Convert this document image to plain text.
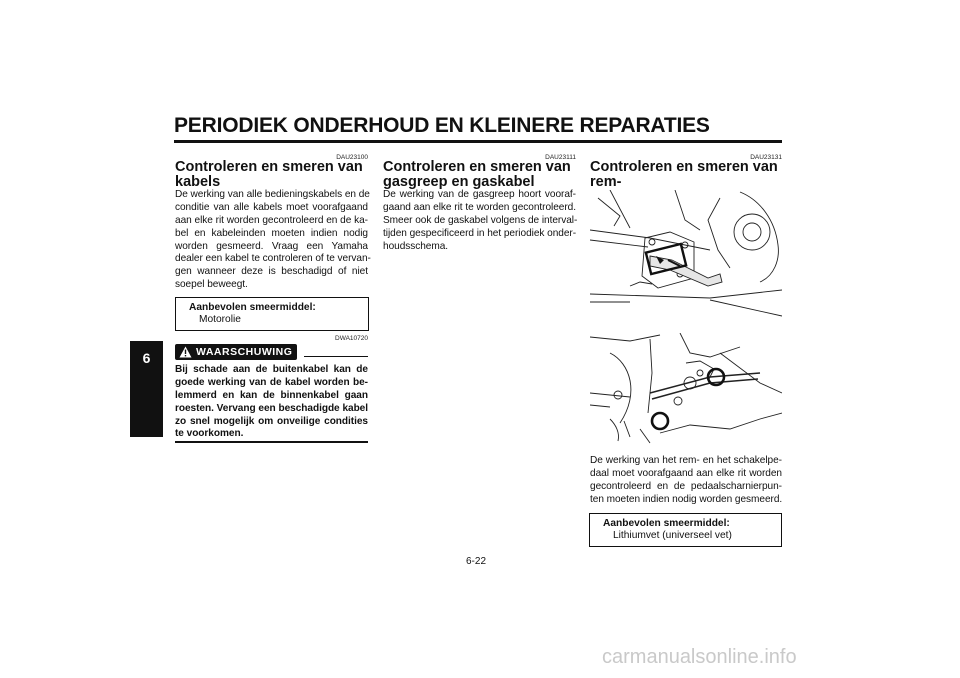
PERIODIEK ONDERHOUD EN KLEINERE REPARATIES
6
DAU23100
Controleren en smeren van
kabels
De werking van alle bedieningskabels en de
conditie van alle kabels moet voorafgaand
aan elke rit worden gecontroleerd en de ka-
bel en kabeleinden moeten indien nodig
worden gesmeerd. Vraag een Yamaha
dealer een kabel te controleren of te vervan-
gen wanneer deze is beschadigd of niet
soepel beweegt.
Aanbevolen smeermiddel:
Motorolie
DWA10720
WAARSCHUWING
Bij schade aan de buitenkabel kan de
goede werking van de kabel worden be-
lemmerd en kan de binnenkabel gaan
roesten. Vervang een beschadigde kabel
zo snel mogelijk om onveilige condities
te voorkomen.
DAU23111
Controleren en smeren van
gasgreep en gaskabel
De werking van de gasgreep hoort vooraf-
gaand aan elke rit te worden gecontroleerd.
Smeer ook de gaskabel volgens de interval-
tijden gespecificeerd in het periodiek onder-
houdsschema.
DAU23131
Controleren en smeren van rem-
en schakelpedalen
De werking van het rem- en het schakelpe-
daal moet voorafgaand aan elke rit worden
gecontroleerd en de pedaalscharnierpun-
ten moeten indien nodig worden gesmeerd.
Aanbevolen smeermiddel:
Lithiumvet (universeel vet)
6-22
carmanualsonline.info
